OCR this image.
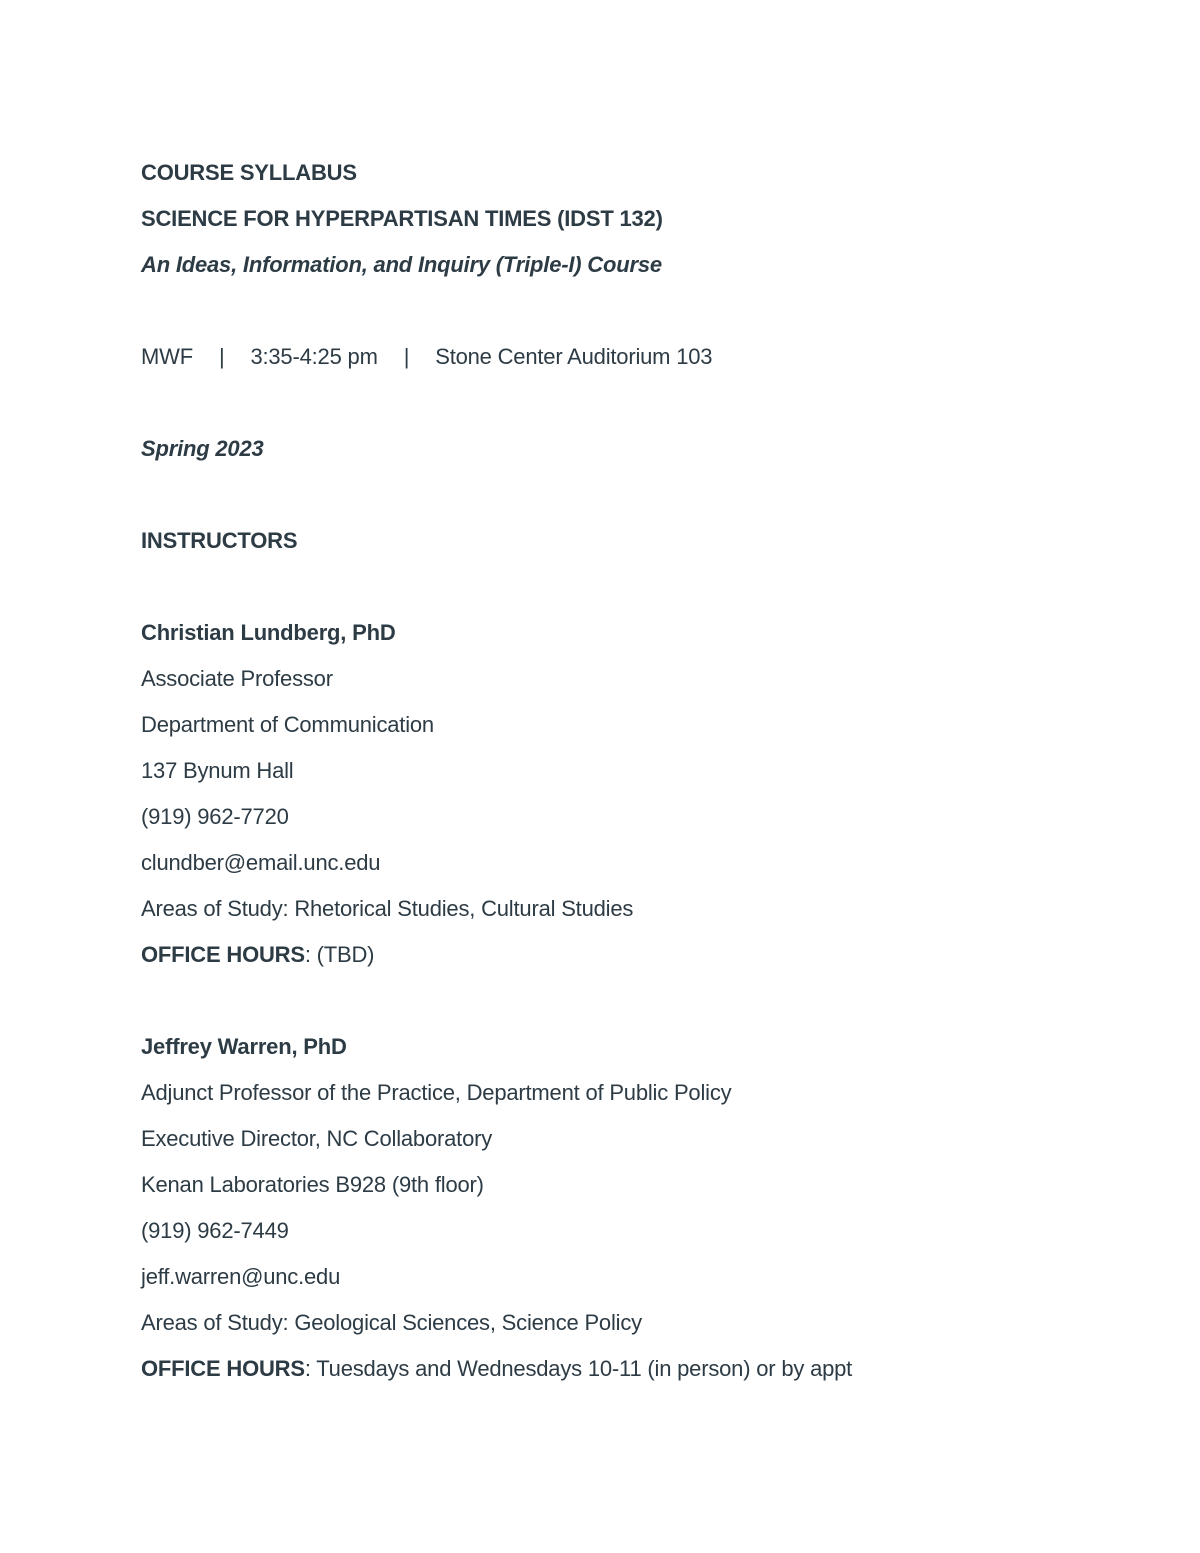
COURSE SYLLABUS
SCIENCE FOR HYPERPARTISAN TIMES (IDST 132)
An Ideas, Information, and Inquiry (Triple-I) Course
MWF | 3:35-4:25 pm | Stone Center Auditorium 103
Spring 2023
INSTRUCTORS
Christian Lundberg, PhD
Associate Professor
Department of Communication
137 Bynum Hall
(919) 962-7720
clundber@email.unc.edu
Areas of Study: Rhetorical Studies, Cultural Studies
OFFICE HOURS: (TBD)
Jeffrey Warren, PhD
Adjunct Professor of the Practice, Department of Public Policy
Executive Director, NC Collaboratory
Kenan Laboratories B928 (9th floor)
(919) 962-7449
jeff.warren@unc.edu
Areas of Study: Geological Sciences, Science Policy
OFFICE HOURS: Tuesdays and Wednesdays 10-11 (in person) or by appt
